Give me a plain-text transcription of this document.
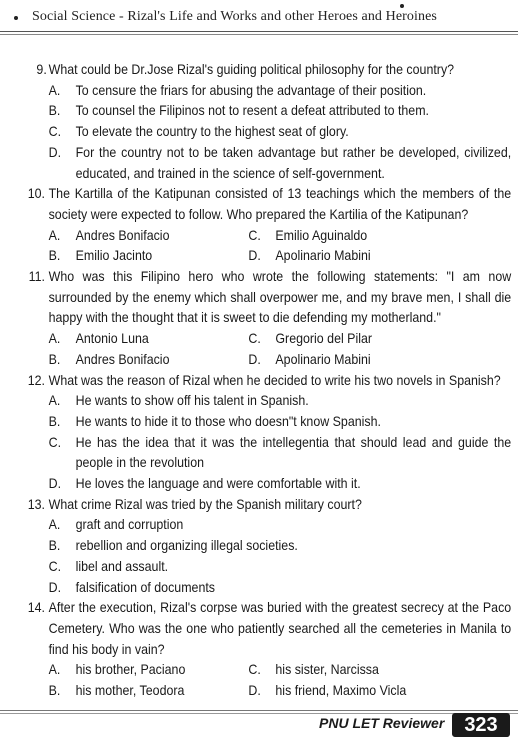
Social Science - Rizal's Life and Works and other Heroes and Heroines
9. What could be Dr.Jose Rizal's guiding political philosophy for the country?
A. To censure the friars for abusing the advantage of their position.
B. To counsel the Filipinos not to resent a defeat attributed to them.
C. To elevate the country to the highest seat of glory.
D. For the country not to be taken advantage but rather be developed, civilized, educated, and trained in the science of self-government.
10. The Kartilla of the Katipunan consisted of 13 teachings which the members of the society were expected to follow. Who prepared the Kartilia of the Katipunan?
A. Andres Bonifacio	C. Emilio Aguinaldo
B. Emilio Jacinto	D. Apolinario Mabini
11. Who was this Filipino hero who wrote the following statements: "I am now surrounded by the enemy which shall overpower me, and my brave men, I shall die happy with the thought that it is sweet to die defending my motherland."
A. Antonio Luna	C. Gregorio del Pilar
B. Andres Bonifacio	D. Apolinario Mabini
12. What was the reason of Rizal when he decided to write his two novels in Spanish?
A. He wants to show off his talent in Spanish.
B. He wants to hide it to those who doesn"t know Spanish.
C. He has the idea that it was the intellegentia that should lead and guide the people in the revolution
D. He loves the language and were comfortable with it.
13. What crime Rizal was tried by the Spanish military court?
A. graft and corruption
B. rebellion and organizing illegal societies.
C. libel and assault.
D. falsification of documents
14. After the execution, Rizal's corpse was buried with the greatest secrecy at the Paco Cemetery. Who was the one who patiently searched all the cemeteries in Manila to find his body in vain?
A. his brother, Paciano	C. his sister, Narcissa
B. his mother, Teodora	D. his friend, Maximo Vicla
PNU LET Reviewer	323
